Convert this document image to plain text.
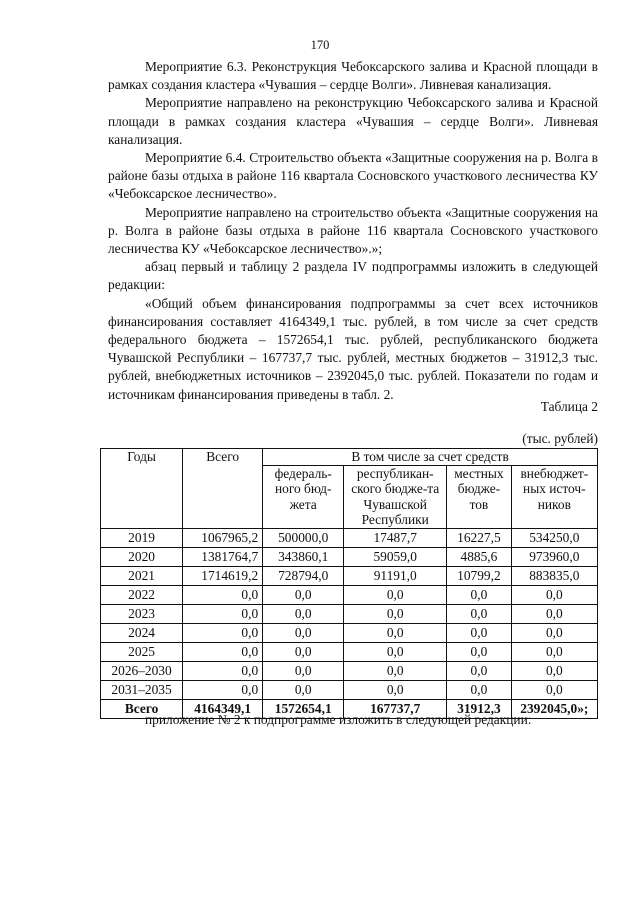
170

Мероприятие 6.3. Реконструкция Чебоксарского залива и Красной площади в рамках создания кластера «Чувашия – сердце Волги». Ливневая канализация.

Мероприятие направлено на реконструкцию Чебоксарского залива и Красной площади в рамках создания кластера «Чувашия – сердце Волги». Ливневая канализация.

Мероприятие 6.4. Строительство объекта «Защитные сооружения на р. Волга в районе базы отдыха в районе 116 квартала Сосновского участкового лесничества КУ «Чебоксарское лесничество».

Мероприятие направлено на строительство объекта «Защитные сооружения на р. Волга в районе базы отдыха в районе 116 квартала Сосновского участкового лесничества КУ «Чебоксарское лесничество».»;

абзац первый и таблицу 2 раздела IV подпрограммы изложить в следующей редакции:

«Общий объем финансирования подпрограммы за счет всех источников финансирования составляет 4164349,1 тыс. рублей, в том числе за счет средств федерального бюджета – 1572654,1 тыс. рублей, республиканского бюджета Чувашской Республики – 167737,7 тыс. рублей, местных бюджетов – 31912,3 тыс. рублей, внебюджетных источников – 2392045,0 тыс. рублей. Показатели по годам и источникам финансирования приведены в табл. 2.

Таблица 2
(тыс. рублей)
Годы	Всего	В том числе за счет средств			
		федераль-ного бюд-жета	республикан-ского бюдже-та Чувашской Республики	местных бюдже-тов	внебюджет-ных источ-ников
2019	1067965,2	500000,0	17487,7	16227,5	534250,0
2020	1381764,7	343860,1	59059,0	4885,6	973960,0
2021	1714619,2	728794,0	91191,0	10799,2	883835,0
2022	0,0	0,0	0,0	0,0	0,0
2023	0,0	0,0	0,0	0,0	0,0
2024	0,0	0,0	0,0	0,0	0,0
2025	0,0	0,0	0,0	0,0	0,0
2026–2030	0,0	0,0	0,0	0,0	0,0
2031–2035	0,0	0,0	0,0	0,0	0,0
Всего	4164349,1	1572654,1	167737,7	31912,3	2392045,0»;
приложение № 2 к подпрограмме изложить в следующей редакции:
